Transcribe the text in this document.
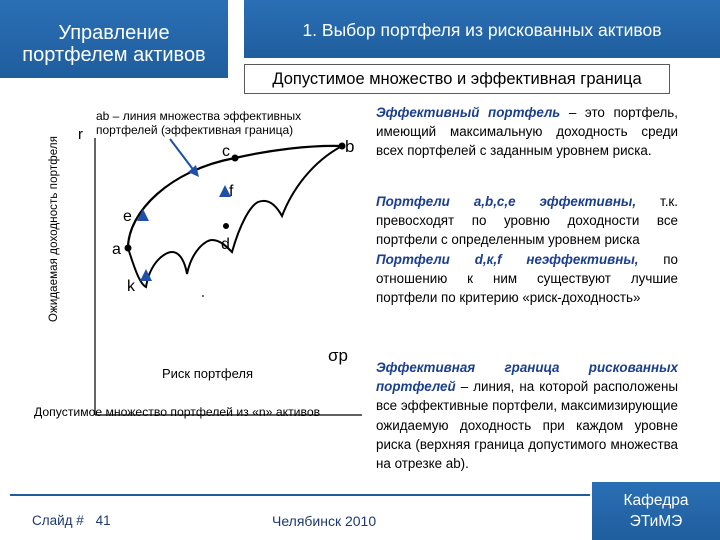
Управление
портфелем активов
1. Выбор портфеля из рискованных активов
Допустимое множество и эффективная граница
Ожидаемая доходность портфеля
r
ab – линия множества эффективных
портфелей (эффективная граница)
a
b
c
e
f
d
k
σp
Риск портфеля
Допустимое множество портфелей из «n» активов

Эффективный портфель – это портфель, имеющий максимальную доходность среди всех портфелей с заданным уровнем риска.

Портфели a,b,c,e эффективны, т.к. превосходят по уровню доходности все портфели с определенным уровнем риска

Портфели d,к,f неэффективны, по отношению к ним существуют лучшие портфели по критерию «риск-доходность»

Эффективная граница рискованных портфелей – линия, на которой расположены все эффективные портфели, максимизирующие ожидаемую доходность при каждом уровне риска (верхняя граница допустимого множества на отрезке ab).

Слайд # 41	Челябинск 2010
Кафедра
ЭТиМЭ
